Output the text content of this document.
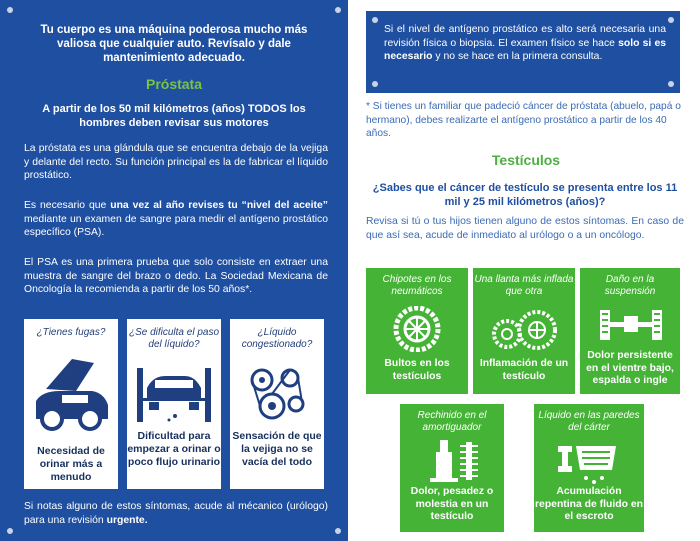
Tu cuerpo es una máquina poderosa mucho más valiosa que cualquier auto. Revísalo y dale mantenimiento adecuado.
Próstata
A partir de los 50 mil kilómetros (años) TODOS los hombres deben revisar sus motores
La próstata es una glándula que se encuentra debajo de la vejiga y delante del recto. Su función principal es la de fabricar el líquido prostático.
Es necesario que una vez al año revises tu “nivel del aceite” mediante un examen de sangre para medir el antígeno prostático específico (PSA).
El PSA es una primera prueba que solo consiste en extraer una muestra de sangre del brazo o dedo. La Sociedad Mexicana de Oncología la recomienda a partir de los 50 años*.
¿Tienes fugas?
Necesidad de orinar más a menudo
¿Se dificulta el paso del líquido?
Dificultad para empezar a orinar o poco flujo urinario
¿Líquido congestionado?
Sensación de que la vejiga no se vacía del todo
Si notas alguno de estos síntomas, acude al mécanico (urólogo) para una revisión urgente.
Si el nivel de antígeno prostático es alto será necesaria una revisión física o biopsia. El examen físico se hace solo si es necesario y no se hace en la primera consulta.
* Si tienes un familiar que padeció cáncer de próstata (abuelo, papá o hermano), debes realizarte el antígeno prostático a partir de los 40 años.
Testículos
¿Sabes que el cáncer de testículo se presenta entre los 11 mil y 25 mil kilómetros (años)?
Revisa si tú o tus hijos tienen alguno de estos síntomas. En caso de que así sea, acude de inmediato al urólogo o a un oncólogo.
Chipotes en los neumáticos
Bultos en los testículos
Una llanta más inflada que otra
Inflamación de un testículo
Daño en la suspensión
Dolor persistente en el vientre bajo, espalda o ingle
Rechinido en el amortiguador
Dolor, pesadez o molestia en un testículo
Líquido en las paredes del cárter
Acumulación repentina de fluido en el escroto
